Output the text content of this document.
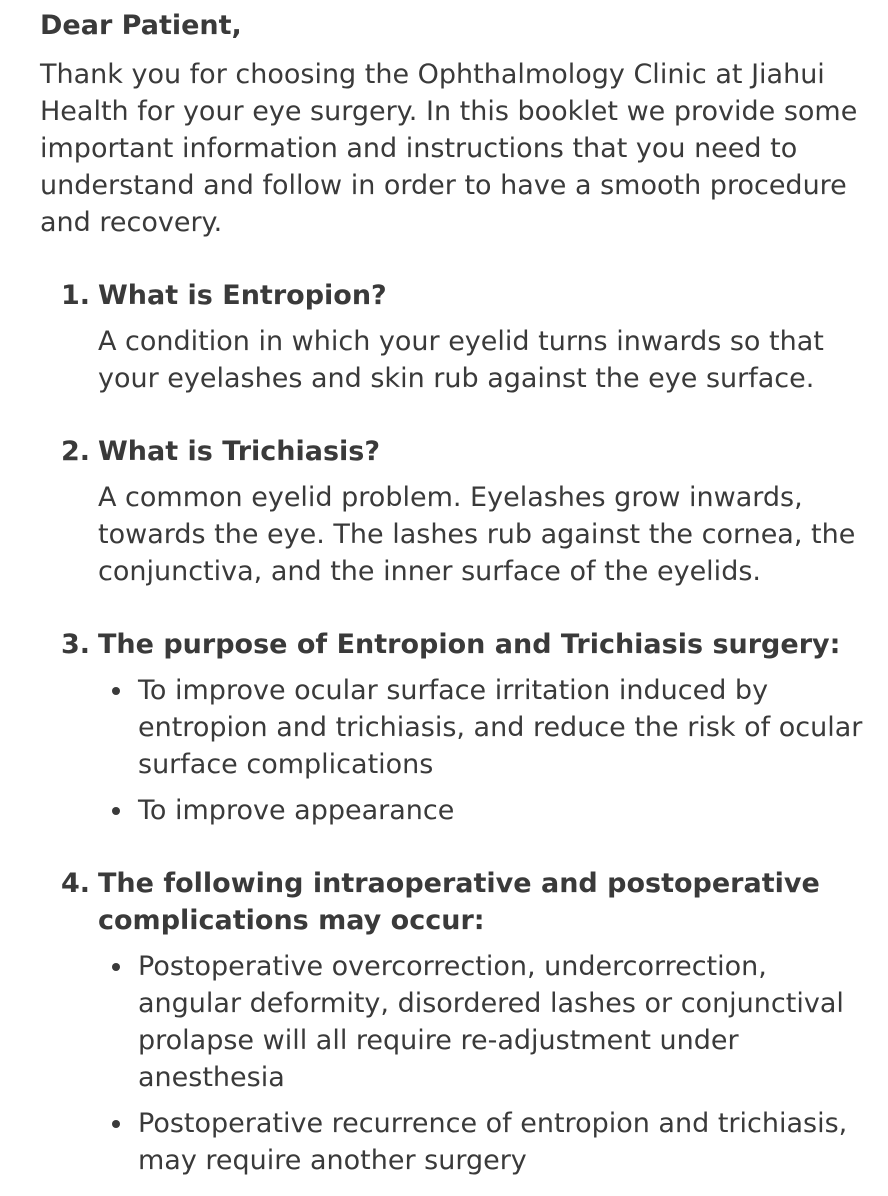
Dear Patient,

Thank you for choosing the Ophthalmology Clinic at Jiahui Health for your eye surgery. In this booklet we provide some important information and instructions that you need to understand and follow in order to have a smooth procedure and recovery.

1. What is Entropion?

A condition in which your eyelid turns inwards so that your eyelashes and skin rub against the eye surface.

2. What is Trichiasis?

A common eyelid problem. Eyelashes grow inwards, towards the eye. The lashes rub against the cornea, the conjunctiva, and the inner surface of the eyelids.

3. The purpose of Entropion and Trichiasis surgery:

To improve ocular surface irritation induced by entropion and trichiasis, and reduce the risk of ocular surface complications
To improve appearance
4. The following intraoperative and postoperative complications may occur:

Postoperative overcorrection, undercorrection, angular deformity, disordered lashes or conjunctival prolapse will all require re-adjustment under anesthesia
Postoperative recurrence of entropion and trichiasis, may require another surgery
